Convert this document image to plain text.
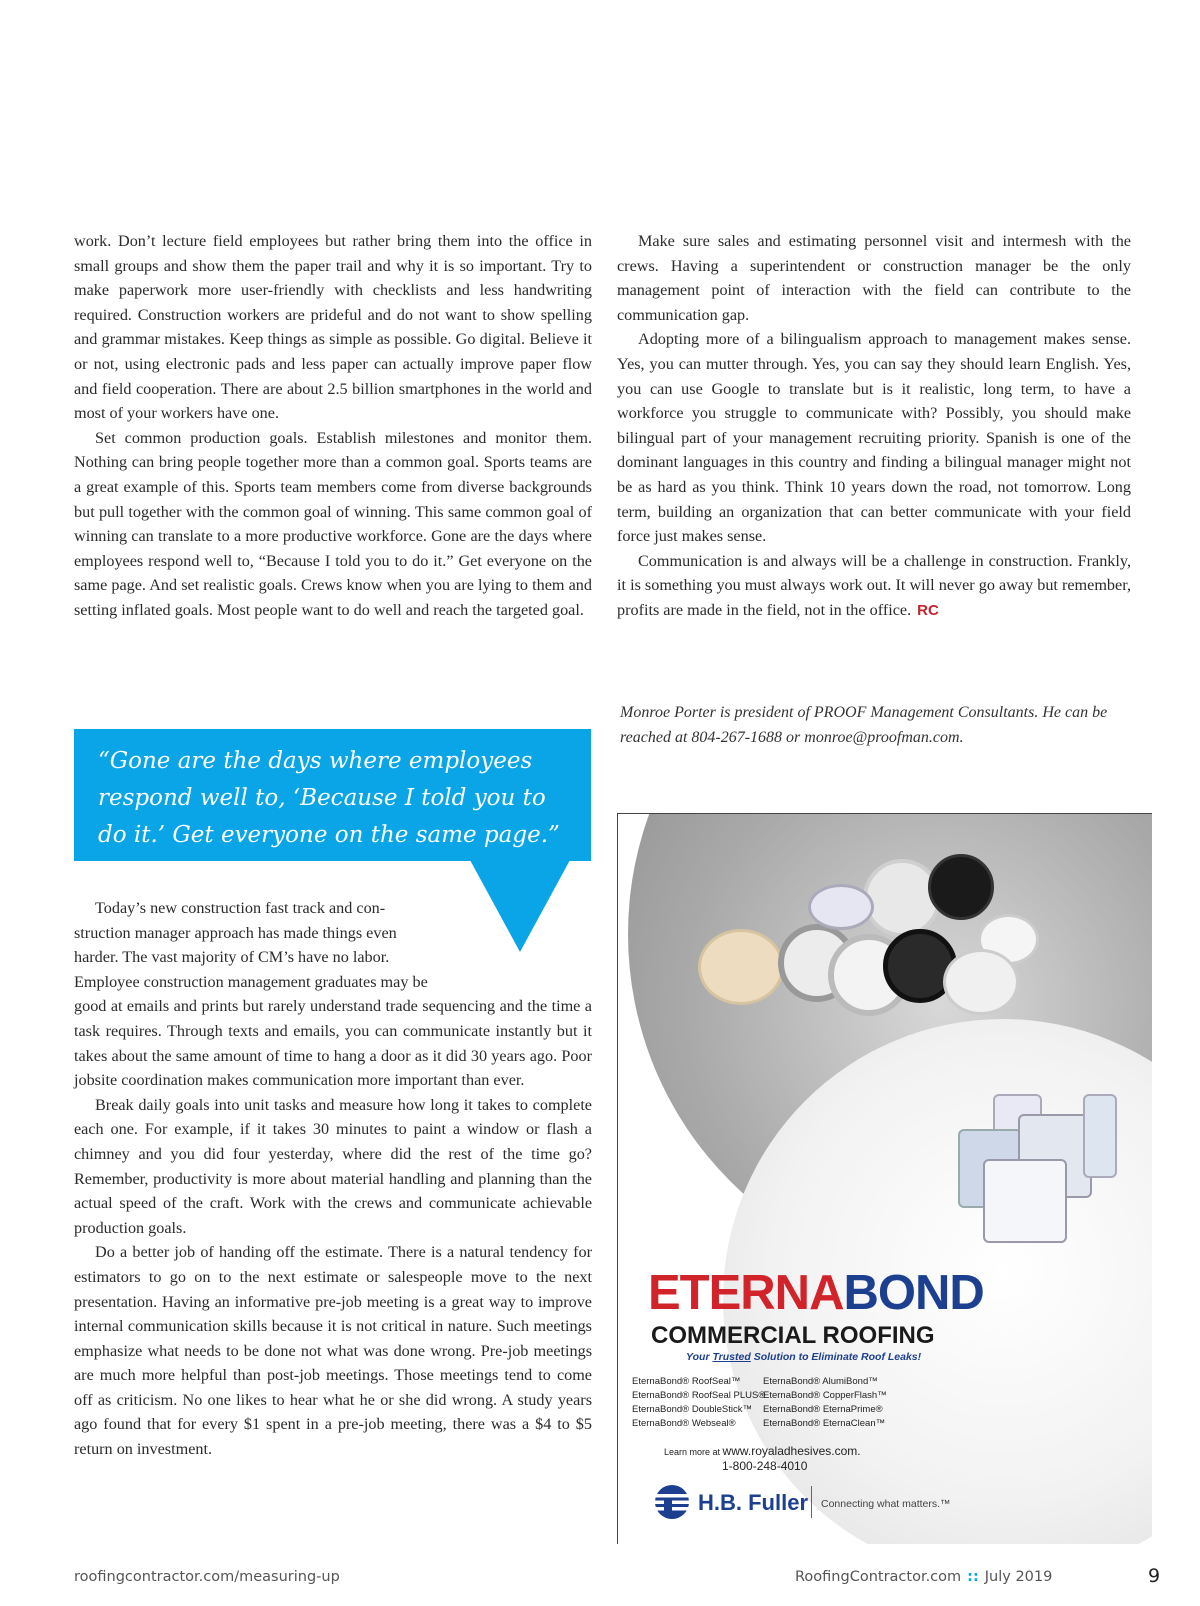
work. Don’t lecture field employees but rather bring them into the office in small groups and show them the paper trail and why it is so important. Try to make paperwork more user-friendly with checklists and less handwriting required. Construction workers are prideful and do not want to show spelling and grammar mistakes. Keep things as simple as possible. Go digital. Believe it or not, using electronic pads and less paper can actually improve paper flow and field cooperation. There are about 2.5 billion smartphones in the world and most of your workers have one.

Set common production goals. Establish milestones and monitor them. Nothing can bring people together more than a common goal. Sports teams are a great example of this. Sports team members come from diverse backgrounds but pull together with the common goal of winning. This same common goal of winning can translate to a more productive workforce. Gone are the days where employees respond well to, “Because I told you to do it.” Get everyone on the same page. And set realistic goals. Crews know when you are lying to them and setting inflated goals. Most people want to do well and reach the targeted goal.

“Gone are the days where employees respond well to, ‘Because I told you to do it.’ Get everyone on the same page.”

Today’s new construction fast track and con-

struction manager approach has made things even

harder. The vast majority of CM’s have no labor.

Employee construction management graduates may be

good at emails and prints but rarely understand trade sequencing and the time a task requires. Through texts and emails, you can communicate instantly but it takes about the same amount of time to hang a door as it did 30 years ago. Poor jobsite coordination makes communication more important than ever.

Break daily goals into unit tasks and measure how long it takes to complete each one. For example, if it takes 30 minutes to paint a window or flash a chimney and you did four yesterday, where did the rest of the time go? Remember, productivity is more about material handling and planning than the actual speed of the craft. Work with the crews and communicate achievable production goals.

Do a better job of handing off the estimate. There is a natural tendency for estimators to go on to the next estimate or salespeople move to the next presentation. Having an informative pre-job meeting is a great way to improve internal communication skills because it is not critical in nature. Such meetings emphasize what needs to be done not what was done wrong. Pre-job meetings are much more helpful than post-job meetings. Those meetings tend to come off as criticism. No one likes to hear what he or she did wrong. A study years ago found that for every $1 spent in a pre-job meeting, there was a $4 to $5 return on investment.

Make sure sales and estimating personnel visit and intermesh with the crews. Having a superintendent or construction manager be the only management point of interaction with the field can contribute to the communication gap.

Adopting more of a bilingualism approach to management makes sense. Yes, you can mutter through. Yes, you can say they should learn English. Yes, you can use Google to translate but is it realistic, long term, to have a workforce you struggle to communicate with? Possibly, you should make bilingual part of your management recruiting priority. Spanish is one of the dominant languages in this country and finding a bilingual manager might not be as hard as you think. Think 10 years down the road, not tomorrow. Long term, building an organization that can better communicate with your field force just makes sense.

Communication is and always will be a challenge in construction. Frankly, it is something you must always work out. It will never go away but remember, profits are made in the field, not in the office. RC

Monroe Porter is president of PROOF Management Consultants. He can be reached at 804-267-1688 or monroe@proofman.com.
ETERNABOND
COMMERCIAL ROOFING
Your Trusted Solution to Eliminate Roof Leaks!
EternaBond® RoofSeal™
EternaBond® RoofSeal PLUS®
EternaBond® DoubleStick™
EternaBond® Webseal®
EternaBond® AlumiBond™
EternaBond® CopperFlash™
EternaBond® EternaPrime®
EternaBond® EternaClean™
Learn more at www.royaladhesives.com.
1-800-248-4010
H.B. Fuller Connecting what matters.™
roofingcontractor.com/measuring-up	RoofingContractor.com :: July 2019	9
